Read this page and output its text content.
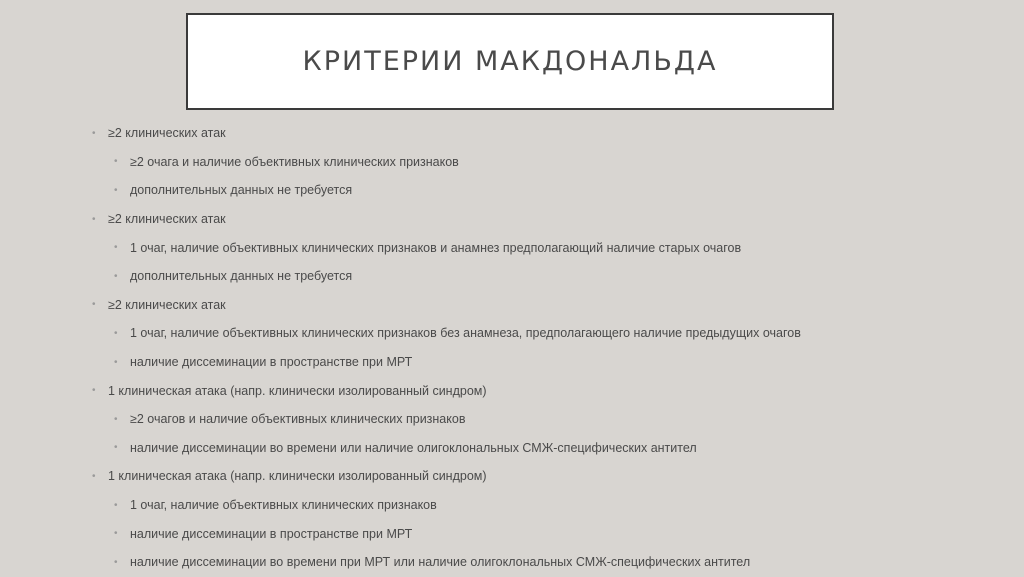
КРИТЕРИИ МАКДОНАЛЬДА
• ≥2 клинических атак
• ≥2 очага и наличие объективных клинических признаков
• дополнительных данных не требуется
• ≥2 клинических атак
• 1 очаг, наличие объективных клинических признаков и анамнез предполагающий наличие старых очагов
• дополнительных данных не требуется
• ≥2 клинических атак
• 1 очаг, наличие объективных клинических признаков без анамнеза, предполагающего наличие предыдущих очагов
• наличие диссеминации в пространстве при МРТ
• 1 клиническая атака (напр. клинически изолированный синдром)
• ≥2 очагов и наличие объективных клинических признаков
• наличие диссеминации во времени или наличие олигоклональных СМЖ-специфических антител
• 1 клиническая атака (напр. клинически изолированный синдром)
• 1 очаг, наличие объективных клинических признаков
• наличие диссеминации в пространстве при МРТ
• наличие диссеминации во времени при МРТ или наличие олигоклональных СМЖ-специфических антител
